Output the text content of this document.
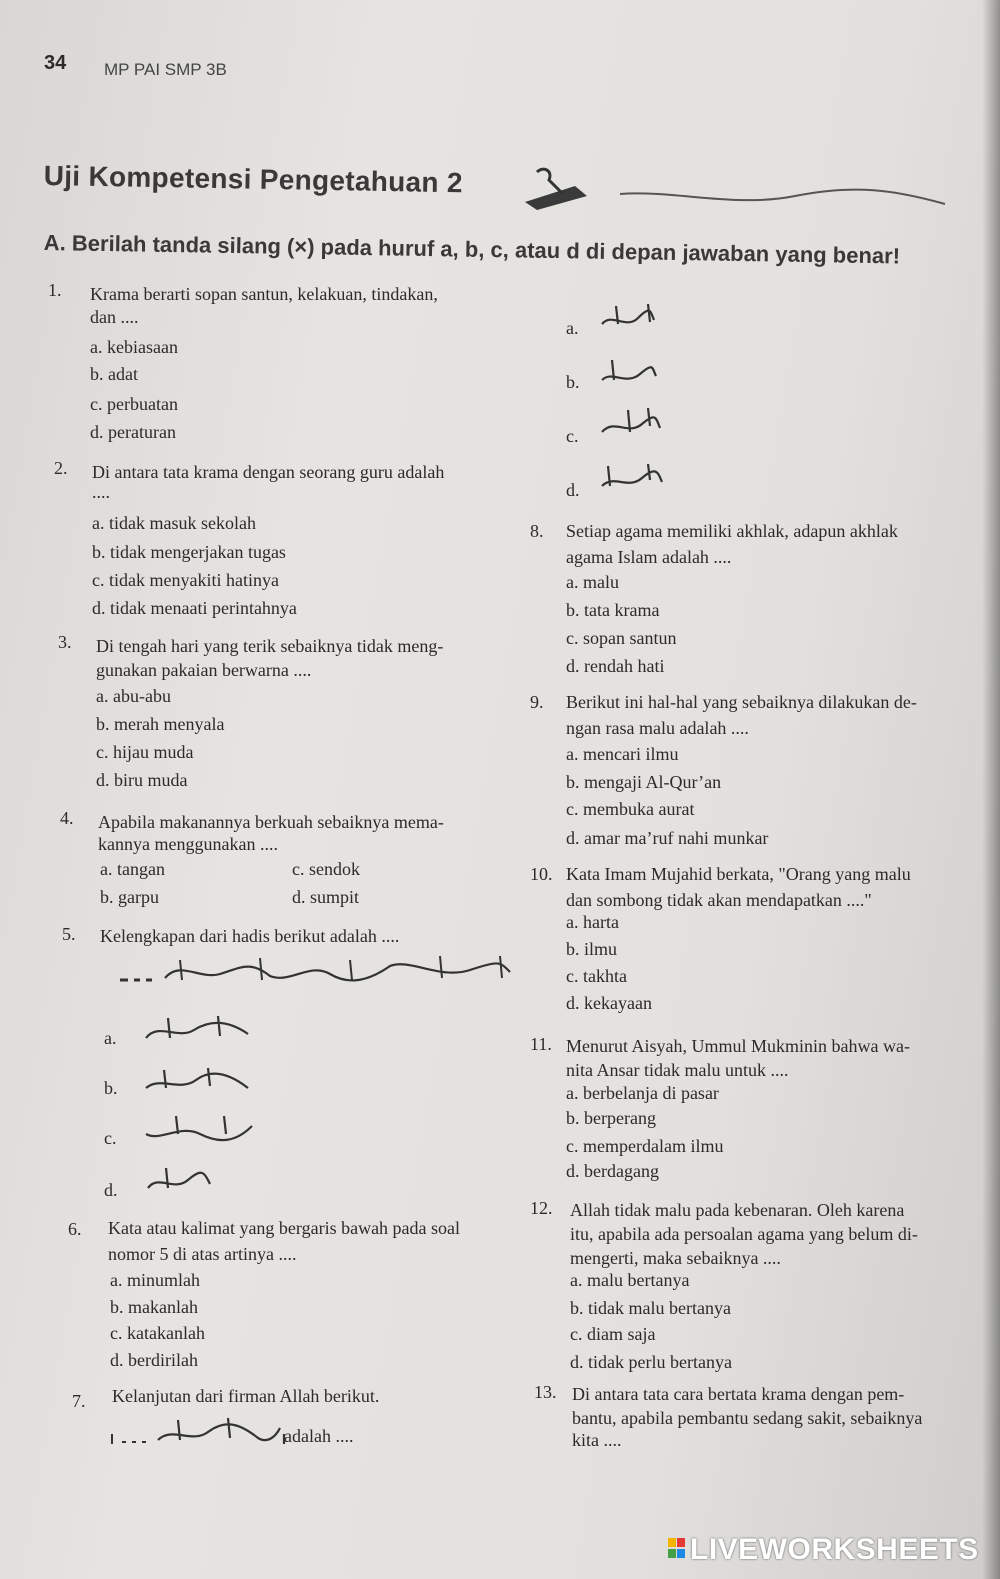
34 MP PAI SMP 3B
Uji Kompetensi Pengetahuan 2
A. Berilah tanda silang (×) pada huruf a, b, c, atau d di depan jawaban yang benar!
1. Krama berarti sopan santun, kelakuan, tindakan,
dan ....
a. kebiasaan
b. adat
c. perbuatan
d. peraturan
2. Di antara tata krama dengan seorang guru adalah
....
a. tidak masuk sekolah
b. tidak mengerjakan tugas
c. tidak menyakiti hatinya
d. tidak menaati perintahnya
3. Di tengah hari yang terik sebaiknya tidak meng-
gunakan pakaian berwarna ....
a. abu-abu
b. merah menyala
c. hijau muda
d. biru muda
4. Apabila makanannya berkuah sebaiknya mema-
kannya menggunakan ....
a. tangan
b. garpu
c. sendok
d. sumpit
5. Kelengkapan dari hadis berikut adalah ....
a.
b.
c.
d.
6. Kata atau kalimat yang bergaris bawah pada soal
nomor 5 di atas artinya ....
a. minumlah
b. makanlah
c. katakanlah
d. berdirilah
7. Kelanjutan dari firman Allah berikut.
adalah ....
a.
b.
c.
d.
8. Setiap agama memiliki akhlak, adapun akhlak
agama Islam adalah ....
a. malu
b. tata krama
c. sopan santun
d. rendah hati
9. Berikut ini hal-hal yang sebaiknya dilakukan de-
ngan rasa malu adalah ....
a. mencari ilmu
b. mengaji Al-Qur’an
c. membuka aurat
d. amar ma’ruf nahi munkar
10. Kata Imam Mujahid berkata, "Orang yang malu
dan sombong tidak akan mendapatkan ...."
a. harta
b. ilmu
c. takhta
d. kekayaan
11. Menurut Aisyah, Ummul Mukminin bahwa wa-
nita Ansar tidak malu untuk ....
a. berbelanja di pasar
b. berperang
c. memperdalam ilmu
d. berdagang
12. Allah tidak malu pada kebenaran. Oleh karena
itu, apabila ada persoalan agama yang belum di-
mengerti, maka sebaiknya ....
a. malu bertanya
b. tidak malu bertanya
c. diam saja
d. tidak perlu bertanya
13. Di antara tata cara bertata krama dengan pem-
bantu, apabila pembantu sedang sakit, sebaiknya
kita ....
LIVEWORKSHEETS
